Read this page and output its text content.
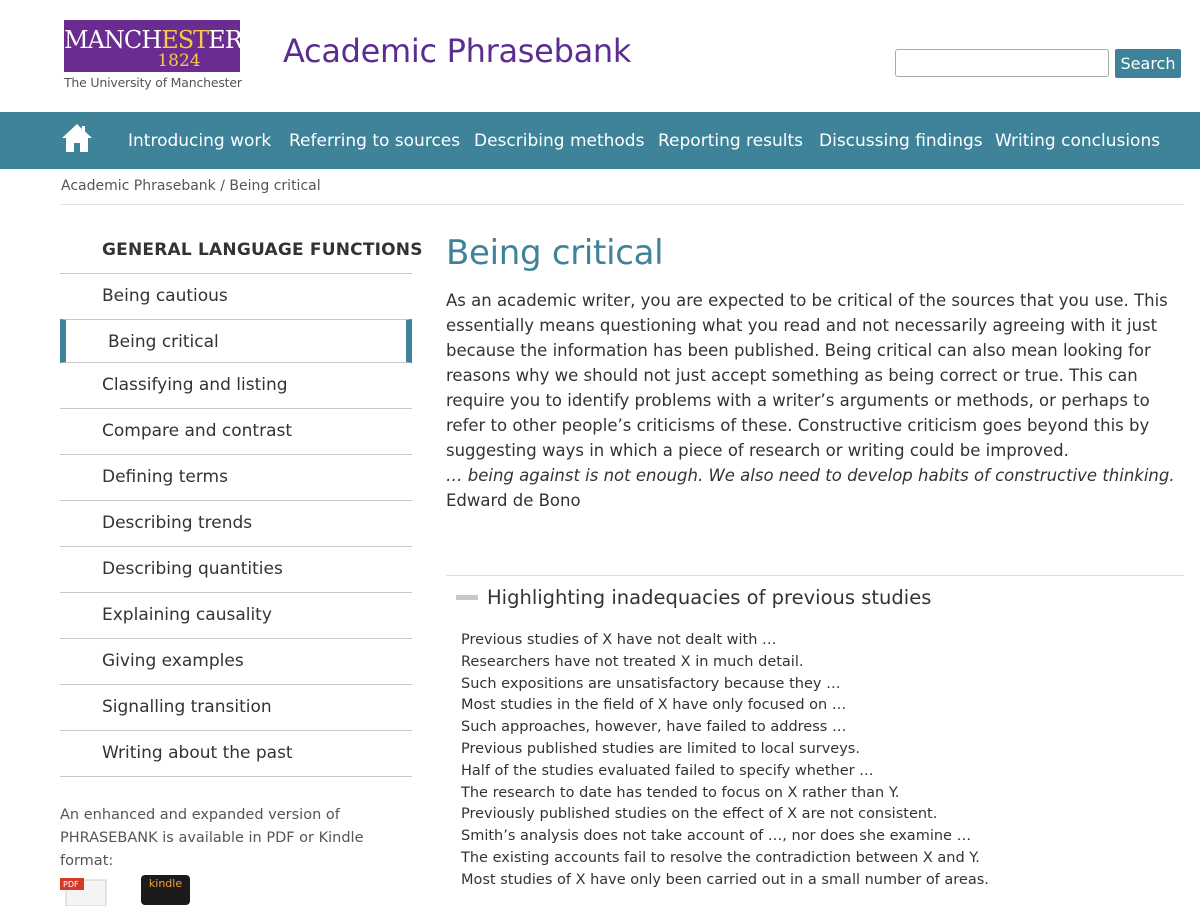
MANCHESTER
1824
The University of Manchester
Academic Phrasebank	Search
Introducing work Referring to sources Describing methods Reporting results Discussing findings Writing conclusions
Academic Phrasebank / Being critical
GENERAL LANGUAGE FUNCTIONS
Being cautious
Being critical
Classifying and listing
Compare and contrast
Defining terms
Describing trends
Describing quantities
Explaining causality
Giving examples
Signalling transition
Writing about the past
An enhanced and expanded version of PHRASEBANK is available in PDF or Kindle format:
PDF	kindle
Being critical
As an academic writer, you are expected to be critical of the sources that you use. This essentially means questioning what you read and not necessarily agreeing with it just because the information has been published. Being critical can also mean looking for reasons why we should not just accept something as being correct or true. This can require you to identify problems with a writer’s arguments or methods, or perhaps to refer to other people’s criticisms of these. Constructive criticism goes beyond this by suggesting ways in which a piece of research or writing could be improved.
… being against is not enough. We also need to develop habits of constructive thinking.
Edward de Bono
Highlighting inadequacies of previous studies
Previous studies of X have not dealt with …
Researchers have not treated X in much detail.
Such expositions are unsatisfactory because they …
Most studies in the field of X have only focused on …
Such approaches, however, have failed to address …
Previous published studies are limited to local surveys.
Half of the studies evaluated failed to specify whether …
The research to date has tended to focus on X rather than Y.
Previously published studies on the effect of X are not consistent.
Smith’s analysis does not take account of …, nor does she examine …
The existing accounts fail to resolve the contradiction between X and Y.
Most studies of X have only been carried out in a small number of areas.
